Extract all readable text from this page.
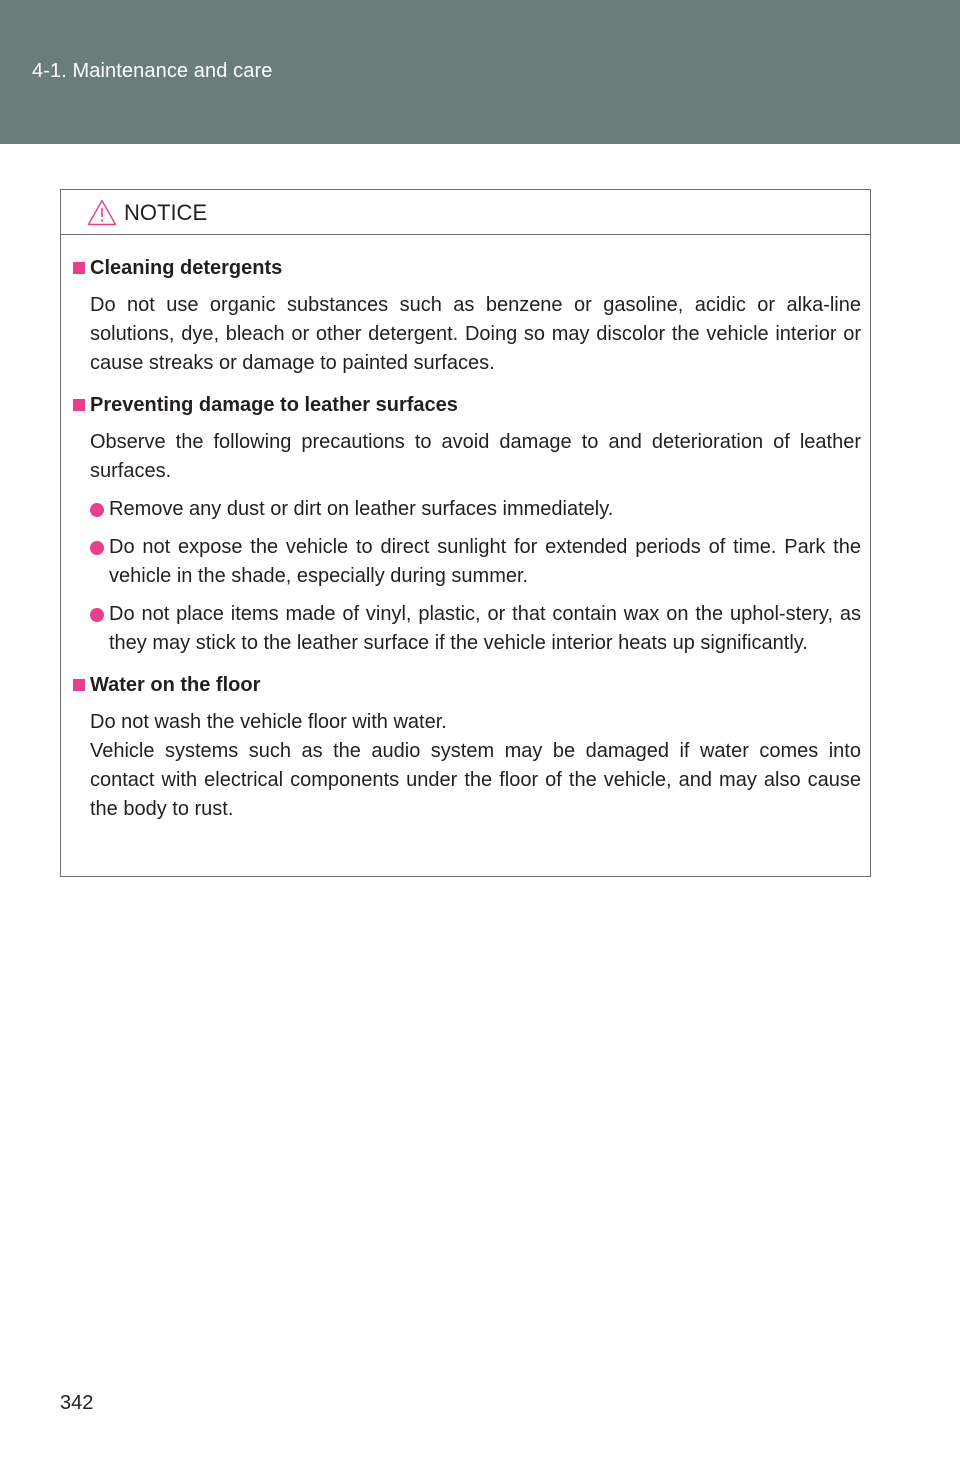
4-1. Maintenance and care
NOTICE
Cleaning detergents

Do not use organic substances such as benzene or gasoline, acidic or alka-line solutions, dye, bleach or other detergent. Doing so may discolor the vehicle interior or cause streaks or damage to painted surfaces.

Preventing damage to leather surfaces

Observe the following precautions to avoid damage to and deterioration of leather surfaces.

Remove any dust or dirt on leather surfaces immediately.
Do not expose the vehicle to direct sunlight for extended periods of time. Park the vehicle in the shade, especially during summer.
Do not place items made of vinyl, plastic, or that contain wax on the uphol-stery, as they may stick to the leather surface if the vehicle interior heats up significantly.
Water on the floor

Do not wash the vehicle floor with water.

Vehicle systems such as the audio system may be damaged if water comes into contact with electrical components under the floor of the vehicle, and may also cause the body to rust.

342
